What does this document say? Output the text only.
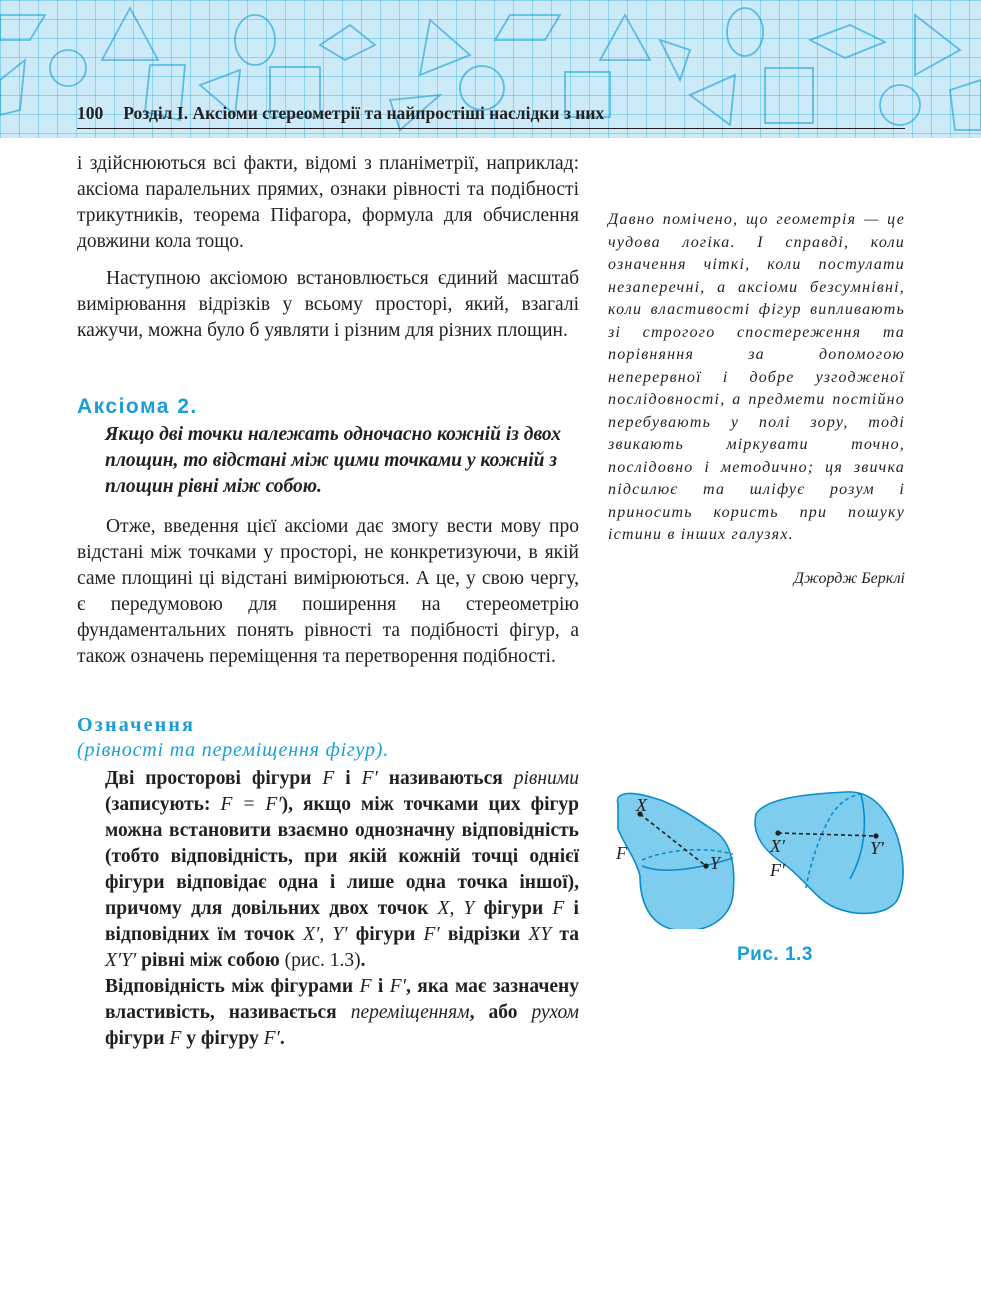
100 Розділ I. Аксіоми стереометрії та найпростіші наслідки з них

і здійснюються всі факти, відомі з планіметрії, наприклад: аксіома паралельних прямих, ознаки рівності та подібності трикутників, теорема Піфагора, формула для обчислення довжини кола тощо.

Наступною аксіомою встановлюється єдиний масштаб вимірювання відрізків у всьому просторі, який, взагалі кажучи, можна було б уявляти і різним для різних площин.

Аксіома 2.
Якщо дві точки належать одночасно кожній із двох площин, то відстані між цими точками у кожній з площин рівні між собою.

Отже, введення цієї аксіоми дає змогу вести мову про відстані між точками у просторі, не конкретизуючи, в якій саме площині ці відстані вимірюються. А це, у свою чергу, є передумовою для поширення на стереометрію фундаментальних понять рівності та подібності фігур, а також означень переміщення та перетворення подібності.

Означення
(рівності та переміщення фігур).

Дві просторові фігури F і F′ називаються рівними (записують: F = F′), якщо між точками цих фігур можна встановити взаємно однозначну відповідність (тобто відповідність, при якій кожній точці однієї фігури відповідає одна і лише одна точка іншої), причому для довільних двох точок X, Y фігури F і відповідних їм точок X′, Y′ фігури F′ відрізки XY та X′Y′ рівні між собою (рис. 1.3).

Відповідність між фігурами F і F′, яка має зазначену властивість, називається переміщенням, або рухом фігури F у фігуру F′.

Давно помічено, що геометрія — це чудова логіка. І справді, коли означення чіткі, коли постулати незаперечні, а аксіоми безсумнівні, коли властивості фігур випливають зі строгого спостереження та порівняння за допомогою неперервної і добре узгодженої послідовності, а предмети постійно перебувають у полі зору, тоді звикають міркувати точно, послідовно і методично; ця звичка підсилює та шліфує розум і приносить користь при пошуку істини в інших галузях.
Джордж Берклі
X
Y
F	X′	Y′
F′
Рис. 1.3
